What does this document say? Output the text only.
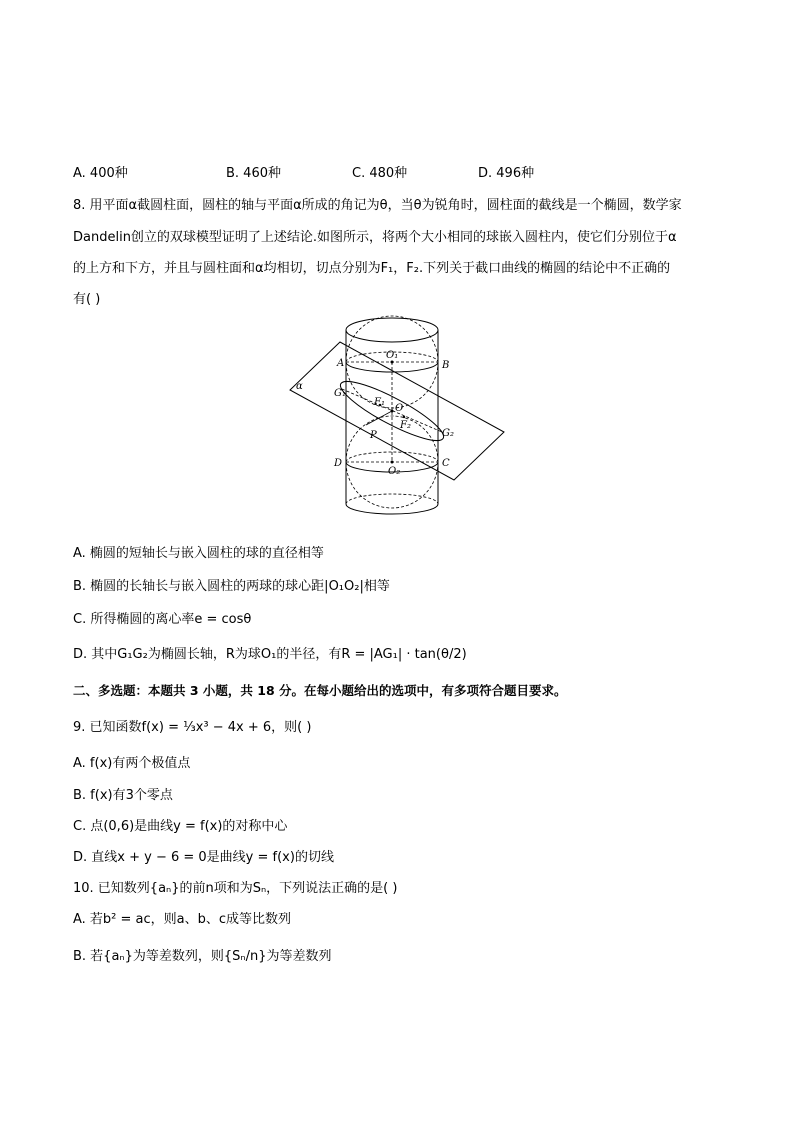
A. 400种	B. 460种	C. 480种	D. 496种
8. 用平面α截圆柱面，圆柱的轴与平面α所成的角记为θ，当θ为锐角时，圆柱面的截线是一个椭圆，数学家
Dandelin创立的双球模型证明了上述结论.如图所示，将两个大小相同的球嵌入圆柱内，使它们分别位于α
的上方和下方，并且与圆柱面和α均相切，切点分别为F₁，F₂.下列关于截口曲线的椭圆的结论中不正确的
有( )
A	B
O₁
G₁
F₁
O
F₂
G₂
P
D	C
O₂
α
A. 椭圆的短轴长与嵌入圆柱的球的直径相等
B. 椭圆的长轴长与嵌入圆柱的两球的球心距|O₁O₂|相等
C. 所得椭圆的离心率e = cosθ
D. 其中G₁G₂为椭圆长轴，R为球O₁的半径，有R = |AG₁| · tan(θ/2)
二、多选题：本题共 3 小题，共 18 分。在每小题给出的选项中，有多项符合题目要求。
9. 已知函数f(x) = ⅓x³ − 4x + 6，则( )
A. f(x)有两个极值点
B. f(x)有3个零点
C. 点(0,6)是曲线y = f(x)的对称中心
D. 直线x + y − 6 = 0是曲线y = f(x)的切线
10. 已知数列{aₙ}的前n项和为Sₙ，下列说法正确的是( )
A. 若b² = ac，则a、b、c成等比数列
B. 若{aₙ}为等差数列，则{Sₙ/n}为等差数列
